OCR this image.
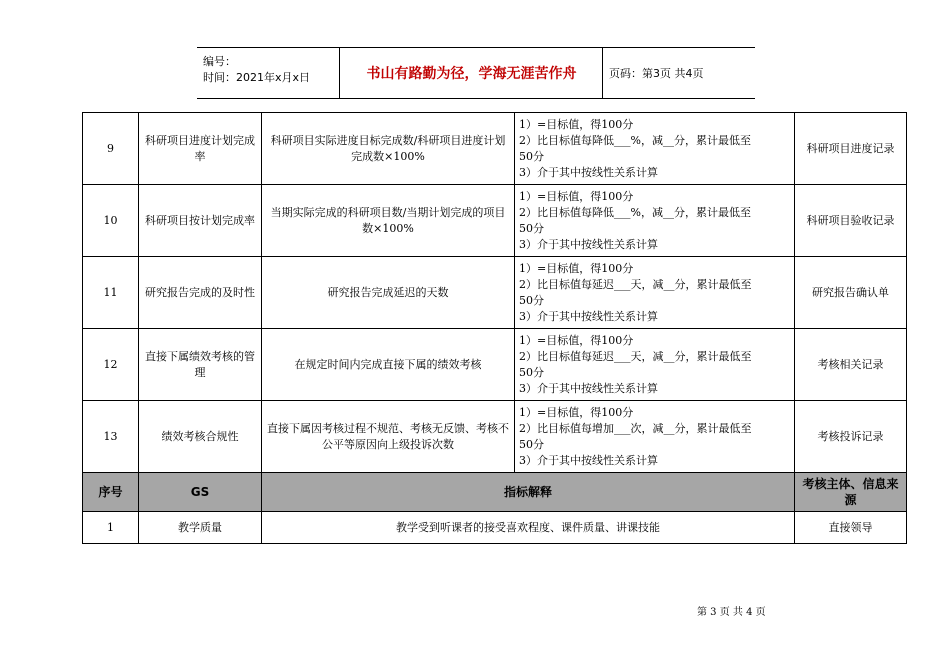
编号：
时间：2021年x月x日	书山有路勤为径，学海无涯苦作舟	页码：第3页 共4页
9	科研项目进度计划完成率	科研项目实际进度目标完成数/科研项目进度计划完成数×100%	1）=目标值，得100分
2）比目标值每降低___%，减__分，累计最低至
50分
3）介于其中按线性关系计算	科研项目进度记录
10	科研项目按计划完成率	当期实际完成的科研项目数/当期计划完成的项目数×100%	1）=目标值，得100分
2）比目标值每降低___%，减__分，累计最低至
50分
3）介于其中按线性关系计算	科研项目验收记录
11	研究报告完成的及时性	研究报告完成延迟的天数	1）=目标值，得100分
2）比目标值每延迟___天，减__分，累计最低至
50分
3）介于其中按线性关系计算	研究报告确认单
12	直接下属绩效考核的管理	在规定时间内完成直接下属的绩效考核	1）=目标值，得100分
2）比目标值每延迟___天，减__分，累计最低至
50分
3）介于其中按线性关系计算	考核相关记录
13	绩效考核合规性	直接下属因考核过程不规范、考核无反馈、考核不公平等原因向上级投诉次数	1）=目标值，得100分
2）比目标值每增加___次，减__分，累计最低至
50分
3）介于其中按线性关系计算	考核投诉记录
序号	GS	指标解释		考核主体、信息来源
1	教学质量	教学受到听课者的接受喜欢程度、课件质量、讲课技能		直接领导
第 3 页 共 4 页
